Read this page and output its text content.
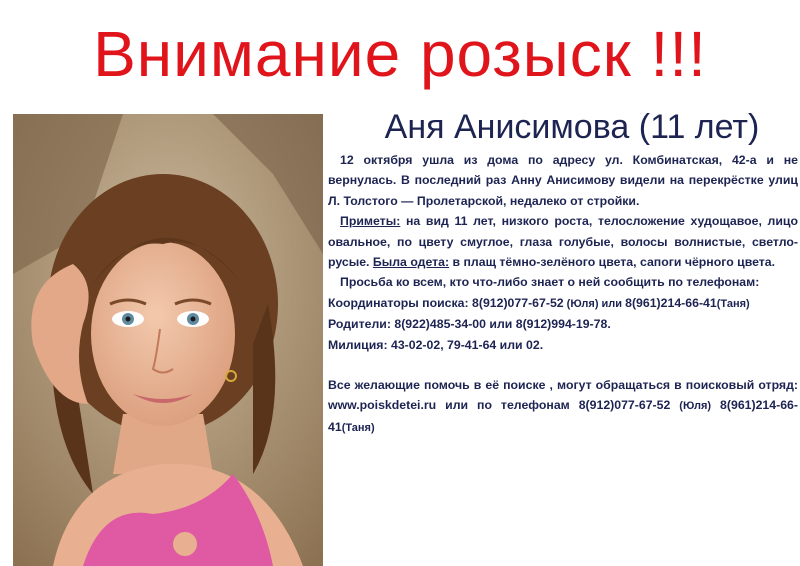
Внимание розыск !!!
Аня Анисимова (11 лет)

12 октября ушла из дома по адресу ул. Комбинатская, 42-а и не вернулась. В последний раз Анну Анисимову видели на перекрёстке улиц Л. Толстого — Пролетарской, недалеко от стройки.

Приметы: на вид 11 лет, низкого роста, телосложение худощавое, лицо овальное, по цвету смуглое, глаза голубые, волосы волнистые, светло-русые. Была одета: в плащ тёмно-зелёного цвета, сапоги чёрного цвета.

Просьба ко всем, кто что-либо знает о ней сообщить по телефонам:

Координаторы поиска: 8(912)077-67-52 (Юля) или 8(961)214-66-41(Таня)

Родители: 8(922)485-34-00 или 8(912)994-19-78.

Милиция: 43-02-02, 79-41-64 или 02.

Все желающие помочь в её поиске , могут обращаться в поисковый отряд: www.poiskdetei.ru или по телефонам 8(912)077-67-52 (Юля) 8(961)214-66-41(Таня)
